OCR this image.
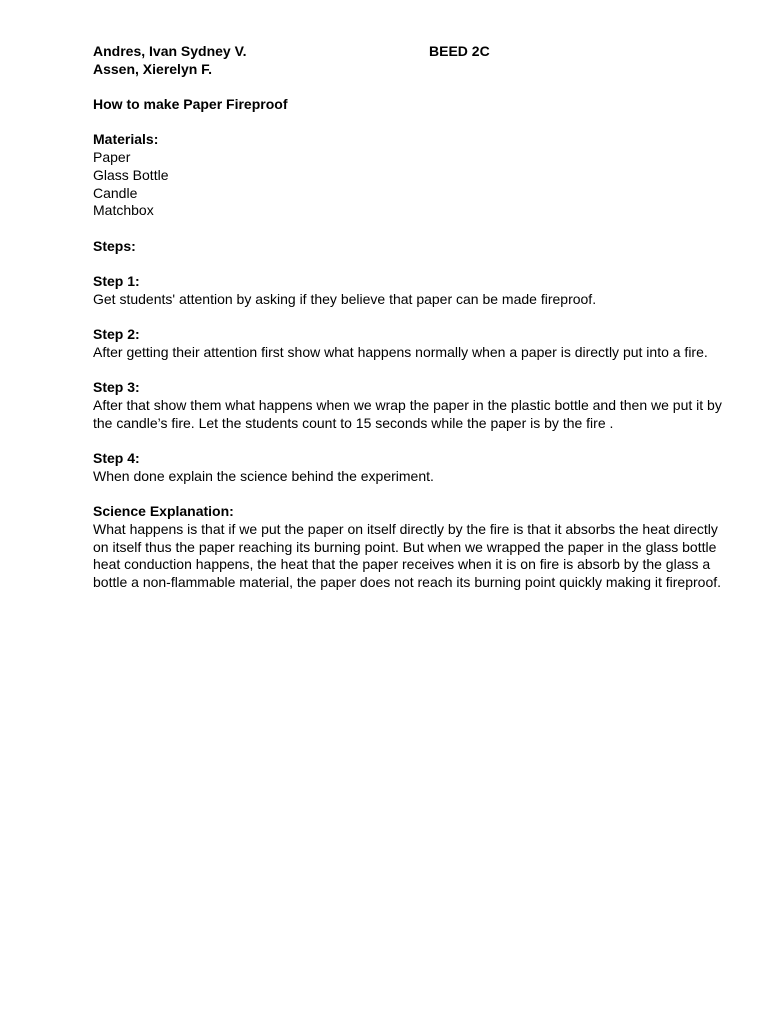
Andres, Ivan Sydney V.	BEED 2C
Assen, Xierelyn F.
How to make Paper Fireproof
Materials:
Paper
Glass Bottle
Candle
Matchbox
Steps:
Step 1:

Get students' attention by asking if they believe that paper can be made fireproof.

Step 2:

After getting their attention first show what happens normally when a paper is directly put into a fire.

Step 3:

After that show them what happens when we wrap the paper in the plastic bottle and then we put it by the candle’s fire. Let the students count to 15 seconds while the paper is by the fire .

Step 4:

When done explain the science behind the experiment.

Science Explanation:

What happens is that if we put the paper on itself directly by the fire is that it absorbs the heat directly on itself thus the paper reaching its burning point. But when we wrapped the paper in the glass bottle heat conduction happens, the heat that the paper receives when it is on fire is absorb by the glass a bottle a non-flammable material, the paper does not reach its burning point quickly making it fireproof.
